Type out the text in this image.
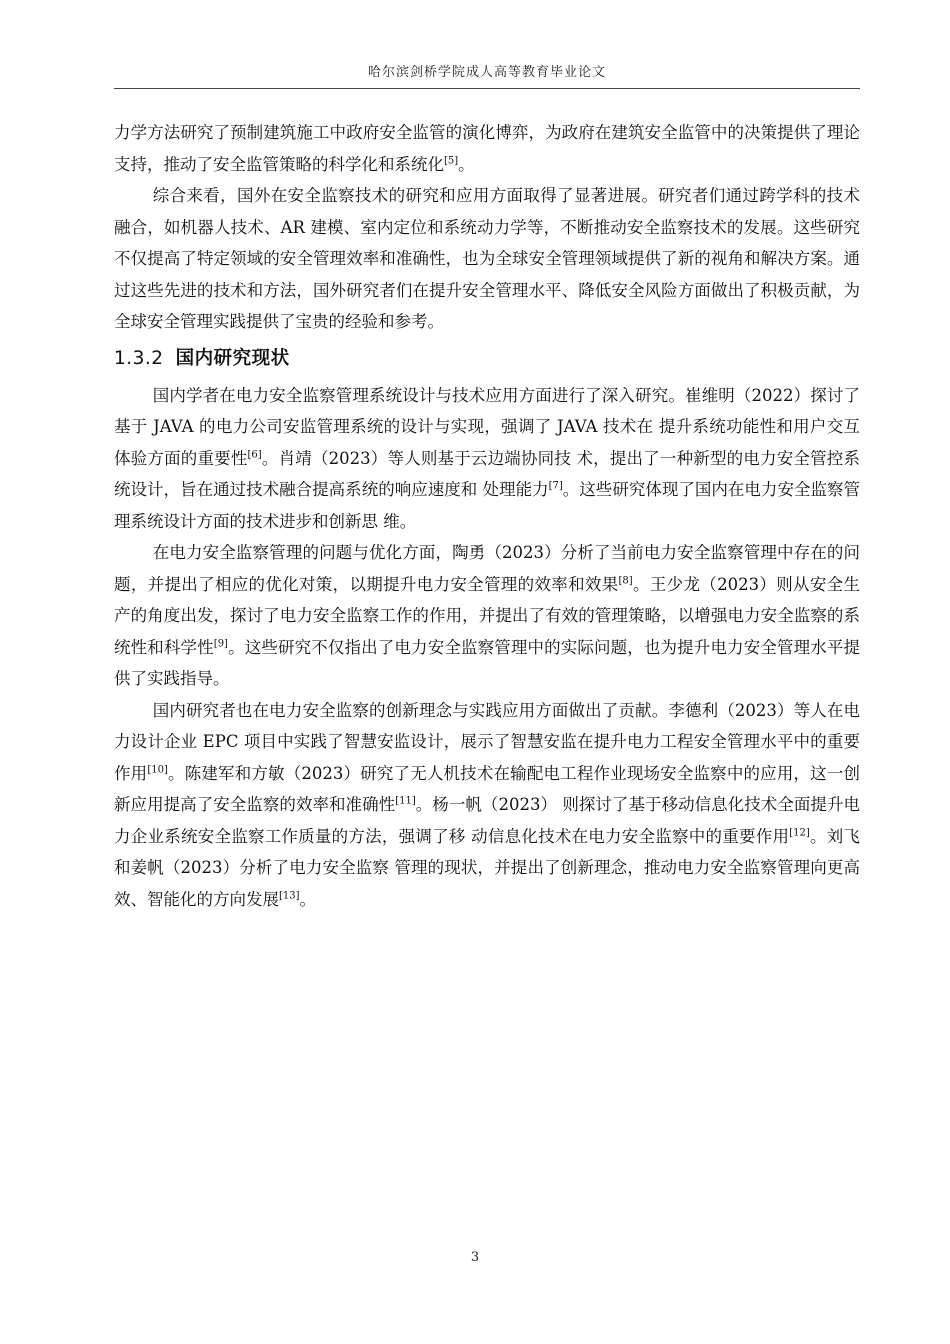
哈尔滨剑桥学院成人高等教育毕业论文

力学方法研究了预制建筑施工中政府安全监管的演化博弈，为政府在建筑安全监管中的决策提供了理论支持，推动了安全监管策略的科学化和系统化[5]。

综合来看，国外在安全监察技术的研究和应用方面取得了显著进展。研究者们通过跨学科的技术融合，如机器人技术、AR 建模、室内定位和系统动力学等，不断推动安全监察技术的发展。这些研究不仅提高了特定领域的安全管理效率和准确性，也为全球安全管理领域提供了新的视角和解决方案。通过这些先进的技术和方法，国外研究者们在提升安全管理水平、降低安全风险方面做出了积极贡献，为全球安全管理实践提供了宝贵的经验和参考。

1.3.2 国内研究现状

国内学者在电力安全监察管理系统设计与技术应用方面进行了深入研究。崔维明（2022）探讨了基于 JAVA 的电力公司安监管理系统的设计与实现，强调了 JAVA 技术在 提升系统功能性和用户交互体验方面的重要性[6]。肖靖（2023）等人则基于云边端协同技 术，提出了一种新型的电力安全管控系统设计，旨在通过技术融合提高系统的响应速度和 处理能力[7]。这些研究体现了国内在电力安全监察管理系统设计方面的技术进步和创新思 维。

在电力安全监察管理的问题与优化方面，陶勇（2023）分析了当前电力安全监察管理中存在的问题，并提出了相应的优化对策，以期提升电力安全管理的效率和效果[8]。王少龙（2023）则从安全生产的角度出发，探讨了电力安全监察工作的作用，并提出了有效的管理策略，以增强电力安全监察的系统性和科学性[9]。这些研究不仅指出了电力安全监察管理中的实际问题，也为提升电力安全管理水平提供了实践指导。

国内研究者也在电力安全监察的创新理念与实践应用方面做出了贡献。李德利（2023）等人在电力设计企业 EPC 项目中实践了智慧安监设计，展示了智慧安监在提升电力工程安全管理水平中的重要作用[10]。陈建军和方敏（2023）研究了无人机技术在输配电工程作业现场安全监察中的应用，这一创新应用提高了安全监察的效率和准确性[11]。杨一帆（2023） 则探讨了基于移动信息化技术全面提升电力企业系统安全监察工作质量的方法，强调了移 动信息化技术在电力安全监察中的重要作用[12]。刘飞和姜帆（2023）分析了电力安全监察 管理的现状，并提出了创新理念，推动电力安全监察管理向更高效、智能化的方向发展[13]。

3
